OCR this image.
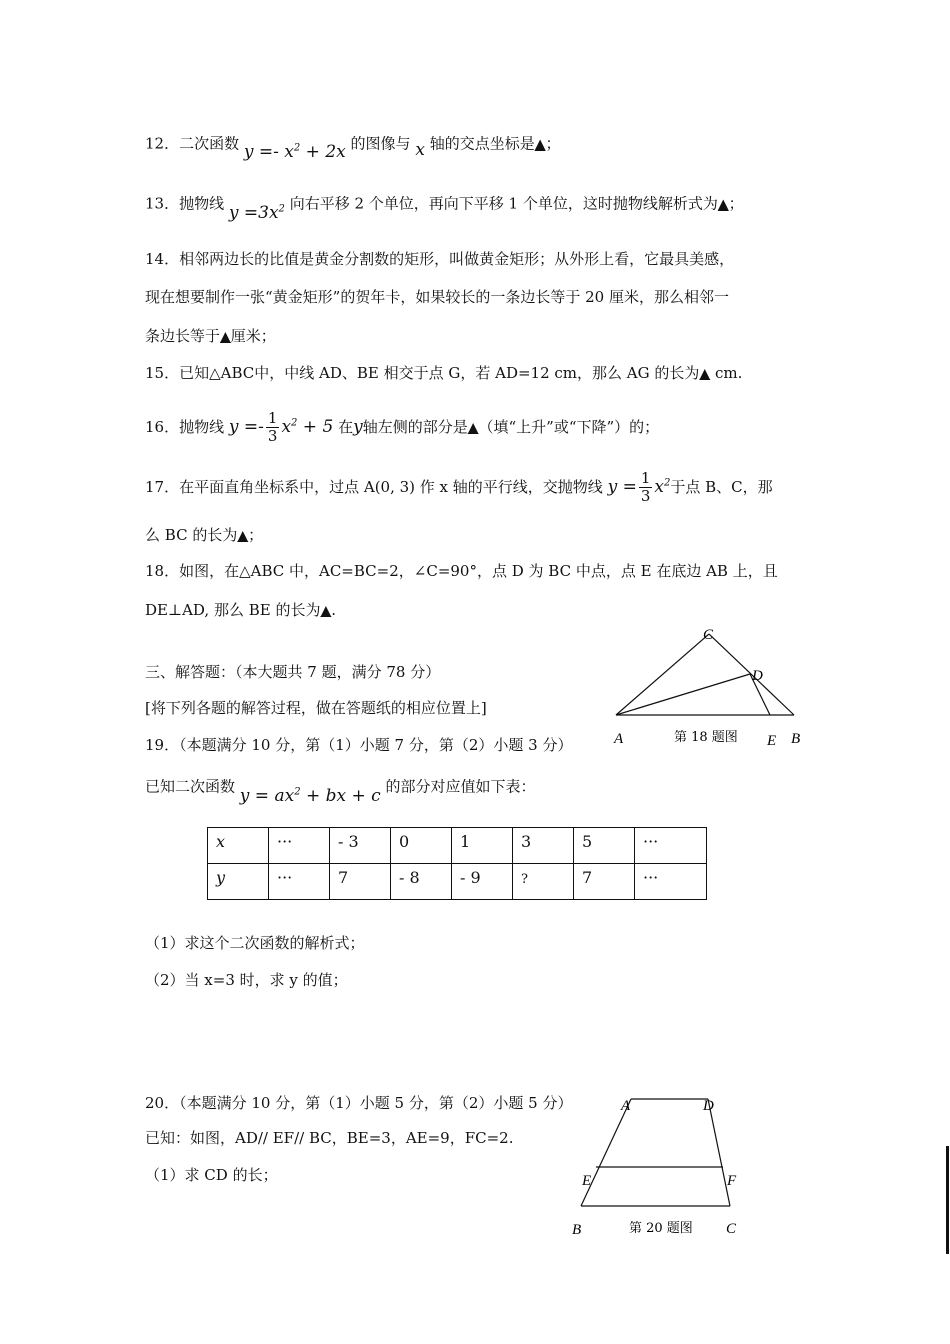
12．二次函数 $y =- x^2 + 2x$ 的图像与 x 轴的交点坐标是▲；
13．抛物线 $y =3x^2$ 向右平移 2 个单位，再向下平移 1 个单位，这时抛物线解析式为▲；
14．相邻两边长的比值是黄金分割数的矩形，叫做黄金矩形；从外形上看，它最具美感，
现在想要制作一张“黄金矩形”的贺年卡，如果较长的一条边长等于 20 厘米，那么相邻一
条边长等于▲厘米；
15．已知△ABC中，中线 AD、BE 相交于点 G，若 AD=12 cm，那么 AG 的长为▲ cm.
16．抛物线 $y =- \frac{1}{3} x^2 + 5$ 在y轴左侧的部分是▲（填“上升”或“下降”）的；
17．在平面直角坐标系中，过点 A(0, 3) 作 x 轴的平行线，交抛物线 $y = \frac{1}{3} x^2$于点 B、C，那
么 BC 的长为▲；
18．如图，在△ABC 中，AC=BC=2，∠C=90°，点 D 为 BC 中点，点 E 在底边 AB 上，且
DE⊥AD, 那么 BE 的长为▲.
C
D
A	第 18 题图 E B
三、解答题：（本大题共 7 题，满分 78 分）
[将下列各题的解答过程，做在答题纸的相应位置上]
19．（本题满分 10 分，第（1）小题 7 分，第（2）小题 3 分）
已知二次函数 $y = ax^2$ + bx + c 的部分对应值如下表：
x	···	- 3	0	1	3	5	···
y	···	7	- 8	- 9	?	7	···
（1）求这个二次函数的解析式；
（2）当 x=3 时，求 y 的值；
20．（本题满分 10 分，第（1）小题 5 分，第（2）小题 5 分）
已知：如图，AD// EF// BC，BE=3，AE=9，FC=2.
（1）求 CD 的长；
A	D
E	F
B	第 20 题图 C
